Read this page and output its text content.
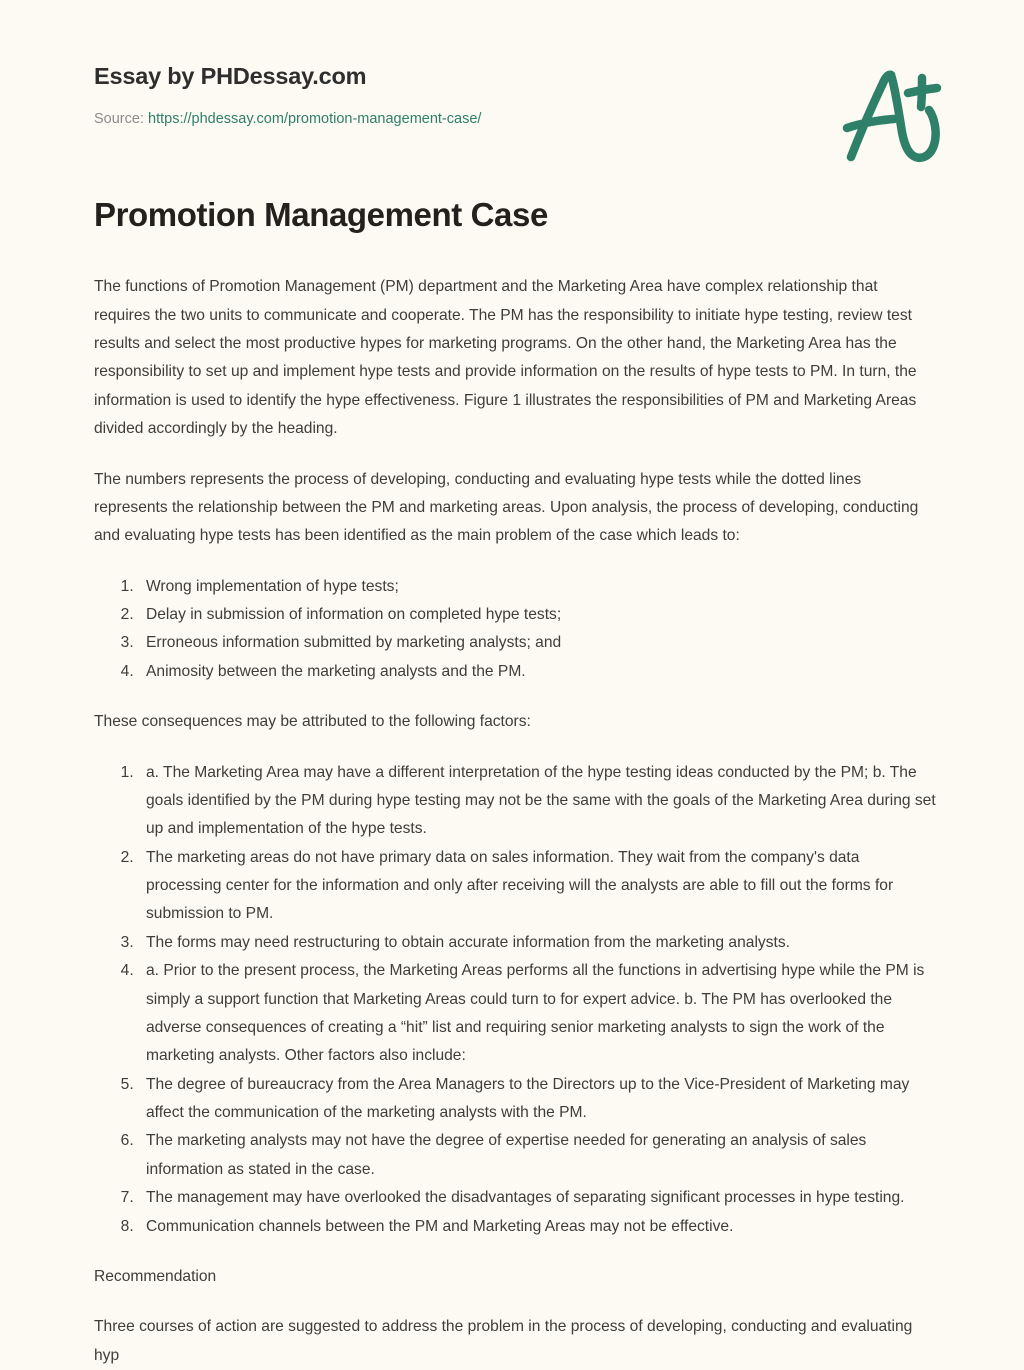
Essay by PHDessay.com
Source: https://phdessay.com/promotion-management-case/
Promotion Management Case

The functions of Promotion Management (PM) department and the Marketing Area have complex relationship that requires the two units to communicate and cooperate. The PM has the responsibility to initiate hype testing, review test results and select the most productive hypes for marketing programs. On the other hand, the Marketing Area has the responsibility to set up and implement hype tests and provide information on the results of hype tests to PM. In turn, the information is used to identify the hype effectiveness. Figure 1 illustrates the responsibilities of PM and Marketing Areas divided accordingly by the heading.

The numbers represents the process of developing, conducting and evaluating hype tests while the dotted lines represents the relationship between the PM and marketing areas. Upon analysis, the process of developing, conducting and evaluating hype tests has been identified as the main problem of the case which leads to:

1. Wrong implementation of hype tests;
2. Delay in submission of information on completed hype tests;
3. Erroneous information submitted by marketing analysts; and
4. Animosity between the marketing analysts and the PM.

These consequences may be attributed to the following factors:

1. a. The Marketing Area may have a different interpretation of the hype testing ideas conducted by the PM; b. The goals identified by the PM during hype testing may not be the same with the goals of the Marketing Area during set up and implementation of the hype tests.
2. The marketing areas do not have primary data on sales information. They wait from the company's data processing center for the information and only after receiving will the analysts are able to fill out the forms for submission to PM.
3. The forms may need restructuring to obtain accurate information from the marketing analysts.
4. a. Prior to the present process, the Marketing Areas performs all the functions in advertising hype while the PM is simply a support function that Marketing Areas could turn to for expert advice. b. The PM has overlooked the adverse consequences of creating a “hit” list and requiring senior marketing analysts to sign the work of the marketing analysts. Other factors also include:
5. The degree of bureaucracy from the Area Managers to the Directors up to the Vice-President of Marketing may affect the communication of the marketing analysts with the PM.
6. The marketing analysts may not have the degree of expertise needed for generating an analysis of sales information as stated in the case.
7. The management may have overlooked the disadvantages of separating significant processes in hype testing.
8. Communication channels between the PM and Marketing Areas may not be effective.

Recommendation

Three courses of action are suggested to address the problem in the process of developing, conducting and evaluating hyp
